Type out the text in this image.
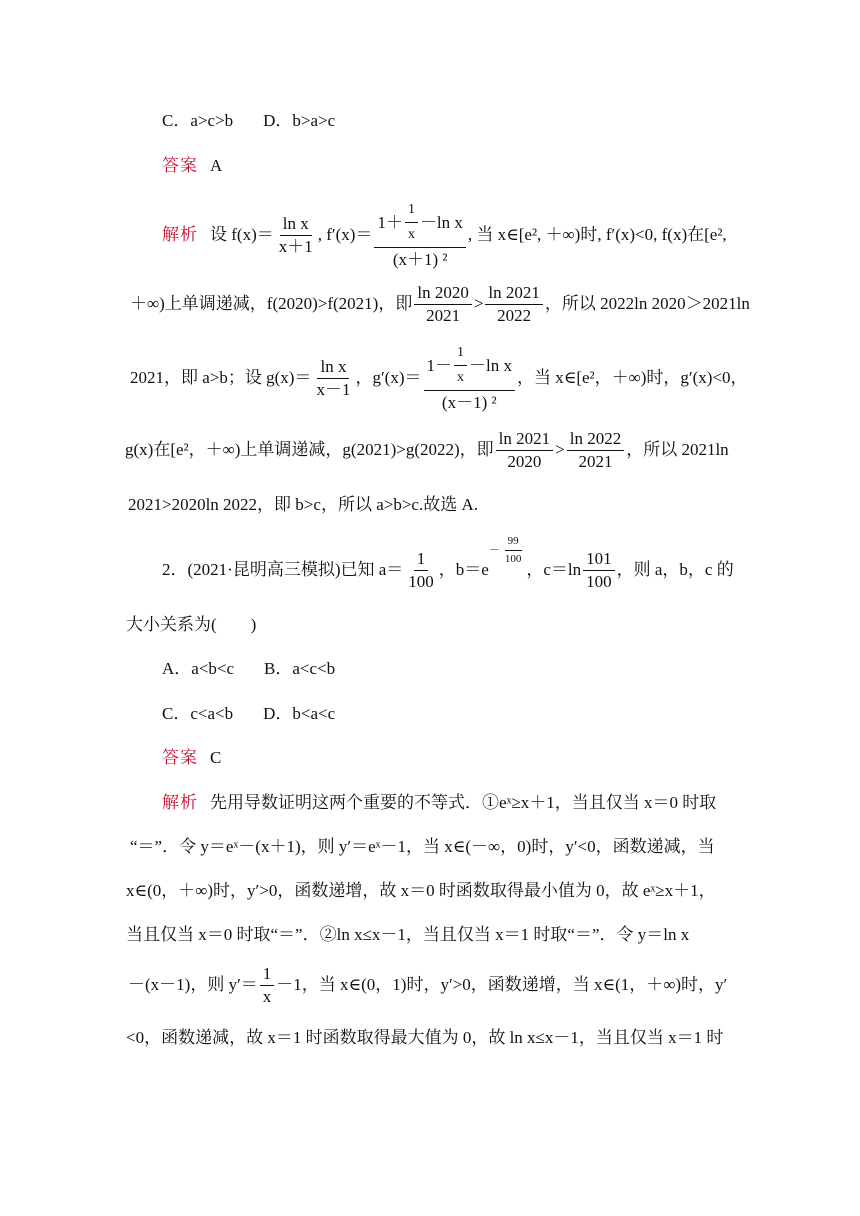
C．a>c>b D．b>a>c
答案 A
解析 设 $f(x)= \frac{\text{ln x}}{x+1}$ , $f'(x)= \frac{1+ \frac{1}{x} -\ln x}{\text{(x＋1) ²}}$ , 当 x∈[e², ＋∞)时, f′(x)<0, f(x)在[e²,
＋∞)上单调递减，f(2020)>f(2021)，即 $\frac{\ln 2020}{2021} > \frac{\ln 2021}{2022}$ ，所以 2022ln 2020＞2021ln
2021，即 a>b；设 $g(x)= \frac{\text{ln x}}{x-1}$ ，$g'(x)= \frac{1- \frac{1}{x} -\ln x}{\text{(x－1) ²}}$ ，当 x∈[e²，＋∞)时，g′(x)<0，
g(x)在[e²，＋∞)上单调递减，g(2021)>g(2022)，即 $\frac{\ln 2021}{2020} > \frac{\ln 2022}{2021}$ ，所以 2021ln
2021>2020ln 2022，即 b>c，所以 a>b>c.故选 A.
2．(2021·昆明高三模拟)已知 $a= \frac{1}{100}$ ，b＝e
－ $\frac{99}{100}$
，$c=\ln \frac{101}{100}$ ，则 a，b，c 的
大小关系为(　　)
A．a<b<c B．a<c<b
C．c<a<b D．b<a<c
答案 C
解析 先用导数证明这两个重要的不等式．①eˣ≥x＋1，当且仅当 x＝0 时取
“＝”．令 y＝eˣ－(x＋1)，则 y′＝eˣ－1，当 x∈(－∞，0)时，y′<0，函数递减，当
x∈(0，＋∞)时，y′>0，函数递增，故 x＝0 时函数取得最小值为 0，故 eˣ≥x＋1，
当且仅当 x＝0 时取“＝”．②ln x≤x－1，当且仅当 x＝1 时取“＝”．令 y＝ln x
－(x－1)，则 $y'= \frac{1}{x} -1$，当 x∈(0，1)时，y′>0，函数递增，当 x∈(1，＋∞)时，y′
<0，函数递减，故 x＝1 时函数取得最大值为 0，故 ln x≤x－1，当且仅当 x＝1 时
